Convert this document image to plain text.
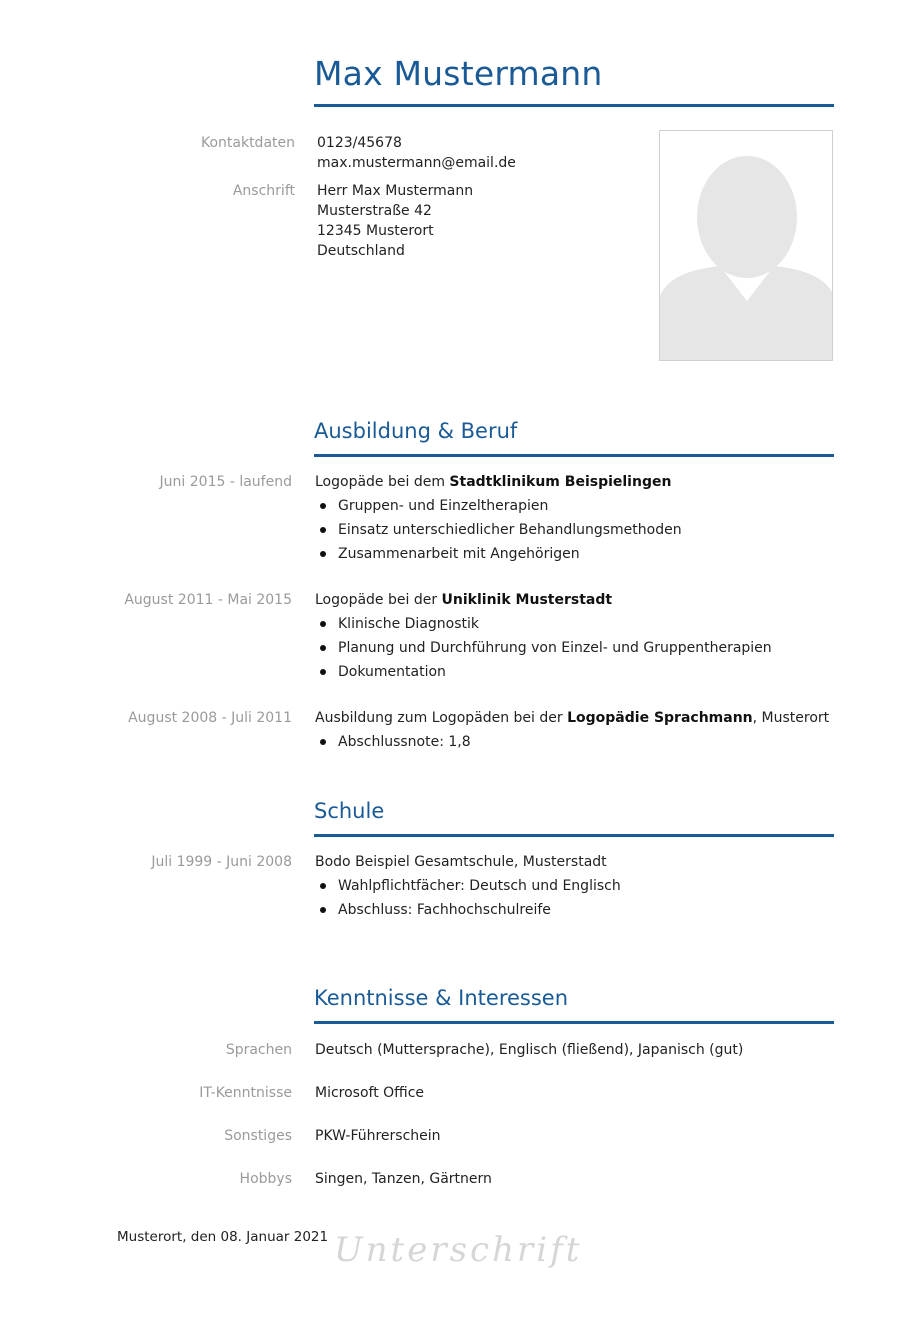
Max Mustermann
Kontaktdaten 0123/45678
max.mustermann@email.de
Anschrift Herr Max Mustermann
Musterstraße 42
12345 Musterort
Deutschland
Ausbildung & Beruf
Juni 2015 - laufend Logopäde bei dem Stadtklinikum Beispielingen
Gruppen- und Einzeltherapien
Einsatz unterschiedlicher Behandlungsmethoden
Zusammenarbeit mit Angehörigen
August 2011 - Mai 2015 Logopäde bei der Uniklinik Musterstadt
Klinische Diagnostik
Planung und Durchführung von Einzel- und Gruppentherapien
Dokumentation
August 2008 - Juli 2011 Ausbildung zum Logopäden bei der Logopädie Sprachmann, Musterort
Abschlussnote: 1,8
Schule
Juli 1999 - Juni 2008 Bodo Beispiel Gesamtschule, Musterstadt
Wahlpflichtfächer: Deutsch und Englisch
Abschluss: Fachhochschulreife
Kenntnisse & Interessen
Sprachen Deutsch (Muttersprache), Englisch (fließend), Japanisch (gut)
IT-Kenntnisse Microsoft Office
Sonstiges PKW-Führerschein
Hobbys Singen, Tanzen, Gärtnern
Musterort, den 08. Januar 2021 Unterschrift
